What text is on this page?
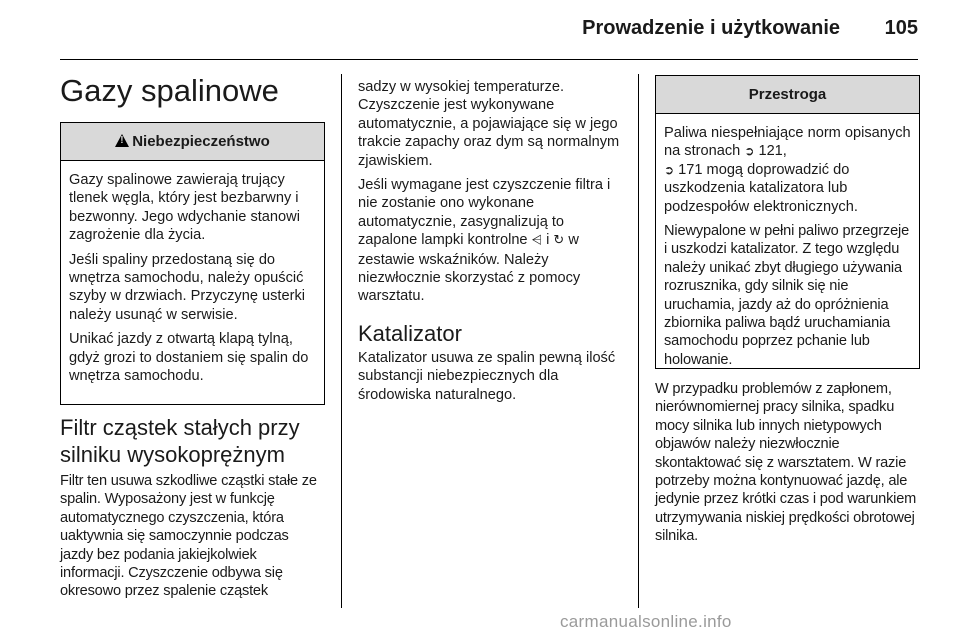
Prowadzenie i użytkowanie 105
Gazy spalinowe
!Niebezpieczeństwo

Gazy spalinowe zawierają trujący tlenek węgla, który jest bezbarwny i bezwonny. Jego wdychanie stanowi zagrożenie dla życia.

Jeśli spaliny przedostaną się do wnętrza samochodu, należy opuścić szyby w drzwiach. Przyczynę usterki należy usunąć w serwisie.

Unikać jazdy z otwartą klapą tylną, gdyż grozi to dostaniem się spalin do wnętrza samochodu.

Filtr cząstek stałych przy silniku wysokoprężnym

Filtr ten usuwa szkodliwe cząstki stałe ze spalin. Wyposażony jest w funkcję automatycznego czyszczenia, która uaktywnia się samoczynnie podczas jazdy bez podania jakiejkolwiek informacji. Czyszczenie odbywa się okresowo przez spalenie cząstek

sadzy w wysokiej temperaturze. Czyszczenie jest wykonywane automatycznie, a pojawiające się w jego trakcie zapachy oraz dym są normalnym zjawiskiem.

Jeśli wymagane jest czyszczenie filtra i nie zostanie ono wykonane automatycznie, zasygnalizują to zapalone lampki kontrolne ⩤ i ↻ w zestawie wskaźników. Należy niezwłocznie skorzystać z pomocy warsztatu.

Katalizator

Katalizator usuwa ze spalin pewną ilość substancji niebezpiecznych dla środowiska naturalnego.

Przestroga

Paliwa niespełniające norm opisanych na stronach ➲ 121,
➲ 171 mogą doprowadzić do uszkodzenia katalizatora lub podzespołów elektronicznych.

Niewypalone w pełni paliwo przegrzeje i uszkodzi katalizator. Z tego względu należy unikać zbyt długiego używania rozrusznika, gdy silnik się nie uruchamia, jazdy aż do opróżnienia zbiornika paliwa bądź uruchamiania samochodu poprzez pchanie lub holowanie.

W przypadku problemów z zapłonem, nierównomiernej pracy silnika, spadku mocy silnika lub innych nietypowych objawów należy niezwłocznie skontaktować się z warsztatem. W razie potrzeby można kontynuować jazdę, ale jedynie przez krótki czas i pod warunkiem utrzymywania niskiej prędkości obrotowej silnika.

carmanualsonline.info
